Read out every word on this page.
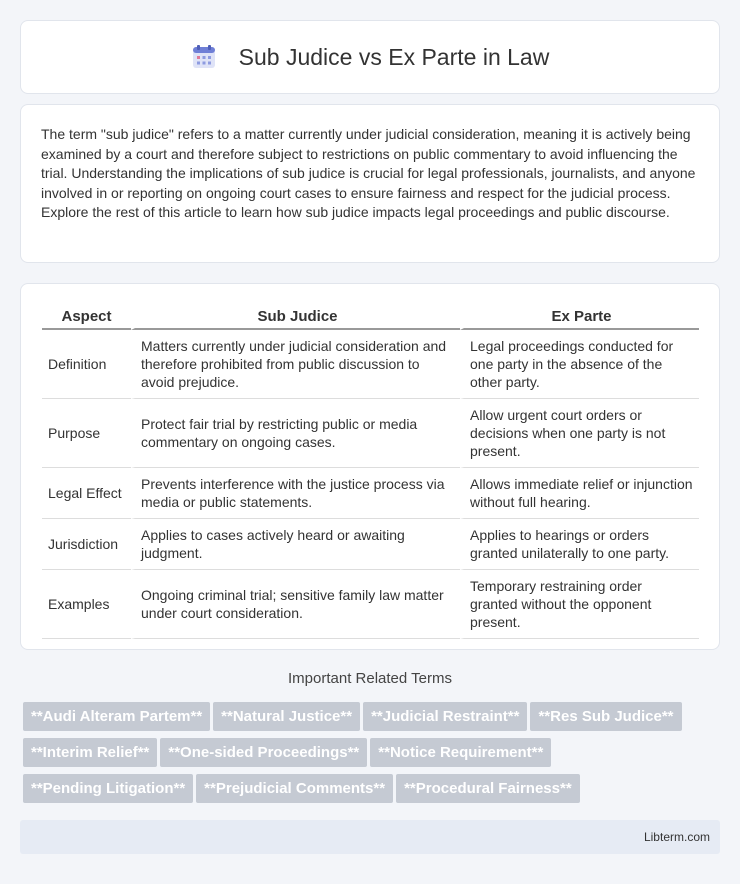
Sub Judice vs Ex Parte in Law

The term "sub judice" refers to a matter currently under judicial consideration, meaning it is actively being examined by a court and therefore subject to restrictions on public commentary to avoid influencing the trial. Understanding the implications of sub judice is crucial for legal professionals, journalists, and anyone involved in or reporting on ongoing court cases to ensure fairness and respect for the judicial process. Explore the rest of this article to learn how sub judice impacts legal proceedings and public discourse.

Aspect	Sub Judice	Ex Parte
Definition	Matters currently under judicial consideration and therefore prohibited from public discussion to avoid prejudice.	Legal proceedings conducted for one party in the absence of the other party.
Purpose	Protect fair trial by restricting public or media commentary on ongoing cases.	Allow urgent court orders or decisions when one party is not present.
Legal Effect	Prevents interference with the justice process via media or public statements.	Allows immediate relief or injunction without full hearing.
Jurisdiction	Applies to cases actively heard or awaiting judgment.	Applies to hearings or orders granted unilaterally to one party.
Examples	Ongoing criminal trial; sensitive family law matter under court consideration.	Temporary restraining order granted without the opponent present.
Important Related Terms
**Audi Alteram Partem** **Natural Justice** **Judicial Restraint** **Res Sub Judice****Interim Relief** **One-sided Proceedings** **Notice Requirement****Pending Litigation** **Prejudicial Comments** **Procedural Fairness**
Libterm.com
